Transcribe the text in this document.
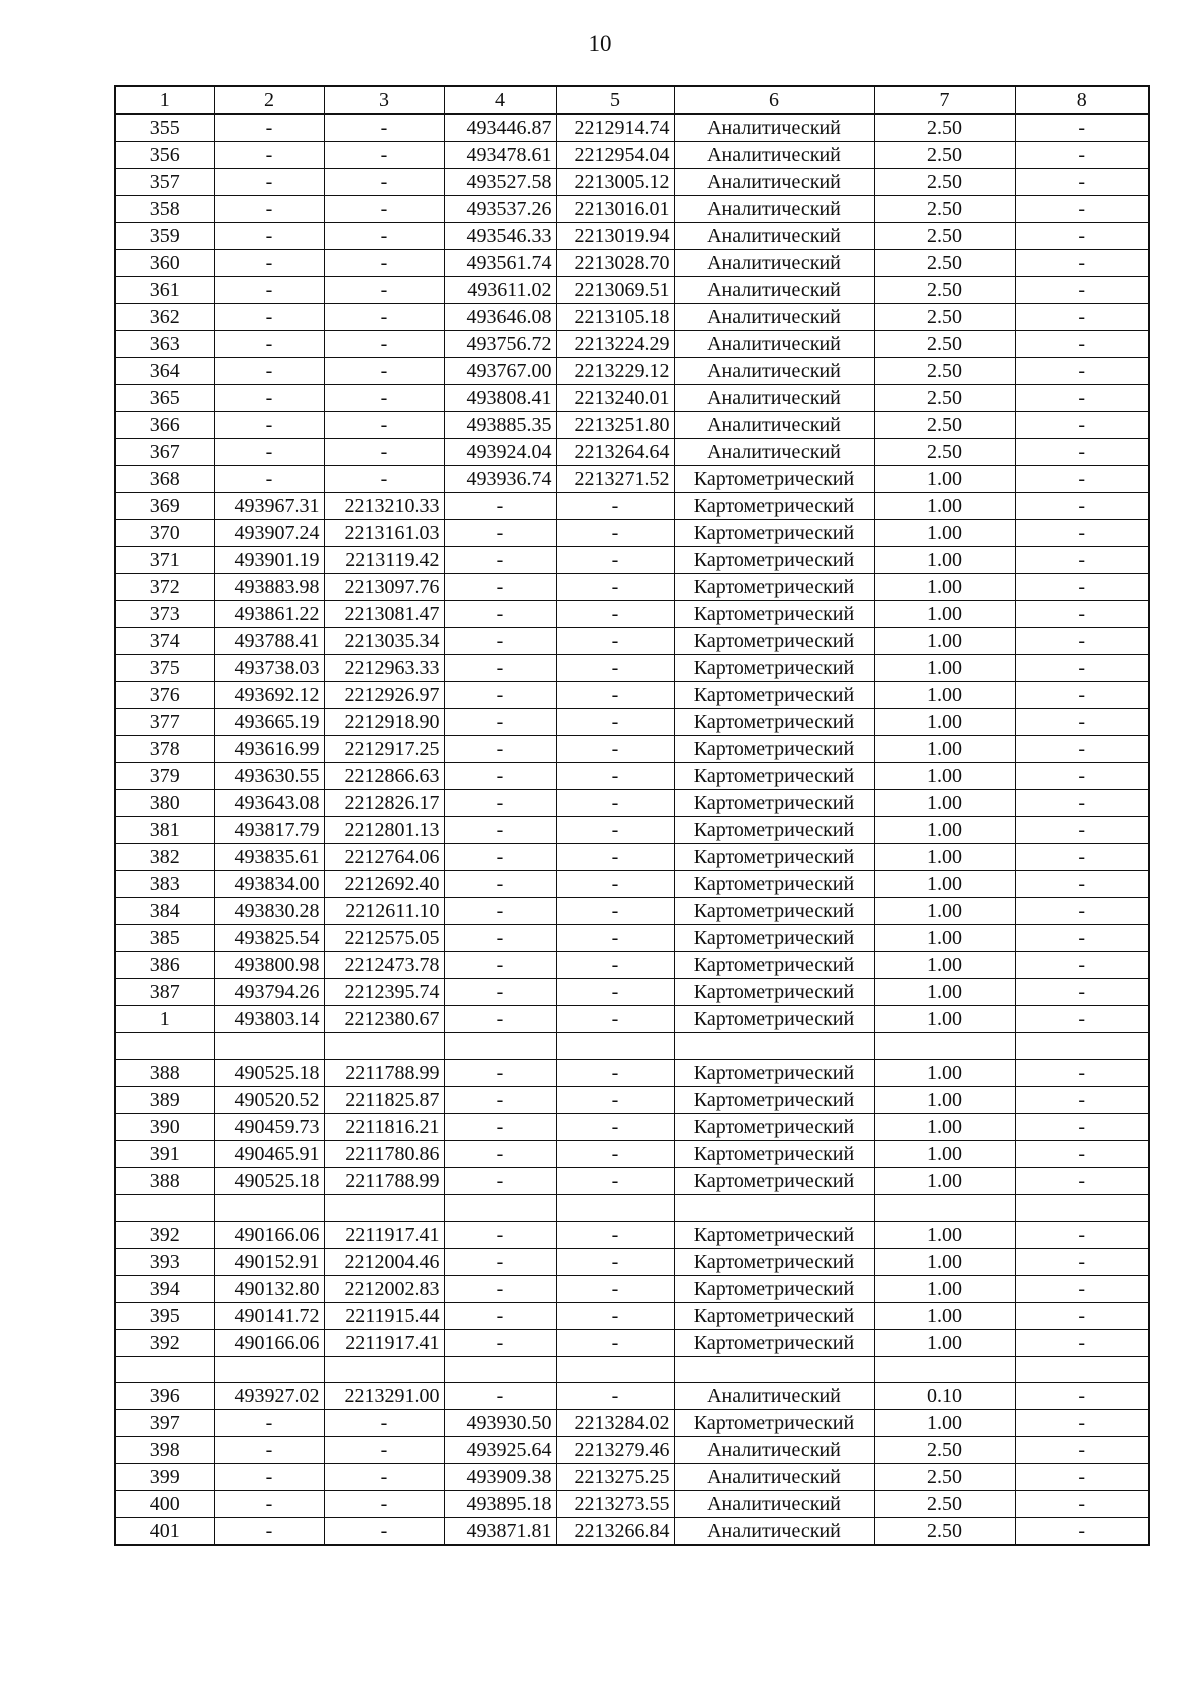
10
1	2	3	4	5	6	7	8
355	-	-	493446.87	2212914.74	Аналитический	2.50	-
356	-	-	493478.61	2212954.04	Аналитический	2.50	-
357	-	-	493527.58	2213005.12	Аналитический	2.50	-
358	-	-	493537.26	2213016.01	Аналитический	2.50	-
359	-	-	493546.33	2213019.94	Аналитический	2.50	-
360	-	-	493561.74	2213028.70	Аналитический	2.50	-
361	-	-	493611.02	2213069.51	Аналитический	2.50	-
362	-	-	493646.08	2213105.18	Аналитический	2.50	-
363	-	-	493756.72	2213224.29	Аналитический	2.50	-
364	-	-	493767.00	2213229.12	Аналитический	2.50	-
365	-	-	493808.41	2213240.01	Аналитический	2.50	-
366	-	-	493885.35	2213251.80	Аналитический	2.50	-
367	-	-	493924.04	2213264.64	Аналитический	2.50	-
368	-	-	493936.74	2213271.52	Картометрический	1.00	-
369	493967.31	2213210.33	-	-	Картометрический	1.00	-
370	493907.24	2213161.03	-	-	Картометрический	1.00	-
371	493901.19	2213119.42	-	-	Картометрический	1.00	-
372	493883.98	2213097.76	-	-	Картометрический	1.00	-
373	493861.22	2213081.47	-	-	Картометрический	1.00	-
374	493788.41	2213035.34	-	-	Картометрический	1.00	-
375	493738.03	2212963.33	-	-	Картометрический	1.00	-
376	493692.12	2212926.97	-	-	Картометрический	1.00	-
377	493665.19	2212918.90	-	-	Картометрический	1.00	-
378	493616.99	2212917.25	-	-	Картометрический	1.00	-
379	493630.55	2212866.63	-	-	Картометрический	1.00	-
380	493643.08	2212826.17	-	-	Картометрический	1.00	-
381	493817.79	2212801.13	-	-	Картометрический	1.00	-
382	493835.61	2212764.06	-	-	Картометрический	1.00	-
383	493834.00	2212692.40	-	-	Картометрический	1.00	-
384	493830.28	2212611.10	-	-	Картометрический	1.00	-
385	493825.54	2212575.05	-	-	Картометрический	1.00	-
386	493800.98	2212473.78	-	-	Картометрический	1.00	-
387	493794.26	2212395.74	-	-	Картометрический	1.00	-
1	493803.14	2212380.67	-	-	Картометрический	1.00	-

388	490525.18	2211788.99	-	-	Картометрический	1.00	-
389	490520.52	2211825.87	-	-	Картометрический	1.00	-
390	490459.73	2211816.21	-	-	Картометрический	1.00	-
391	490465.91	2211780.86	-	-	Картометрический	1.00	-
388	490525.18	2211788.99	-	-	Картометрический	1.00	-

392	490166.06	2211917.41	-	-	Картометрический	1.00	-
393	490152.91	2212004.46	-	-	Картометрический	1.00	-
394	490132.80	2212002.83	-	-	Картометрический	1.00	-
395	490141.72	2211915.44	-	-	Картометрический	1.00	-
392	490166.06	2211917.41	-	-	Картометрический	1.00	-

396	493927.02	2213291.00	-	-	Аналитический	0.10	-
397	-	-	493930.50	2213284.02	Картометрический	1.00	-
398	-	-	493925.64	2213279.46	Аналитический	2.50	-
399	-	-	493909.38	2213275.25	Аналитический	2.50	-
400	-	-	493895.18	2213273.55	Аналитический	2.50	-
401	-	-	493871.81	2213266.84	Аналитический	2.50	-
